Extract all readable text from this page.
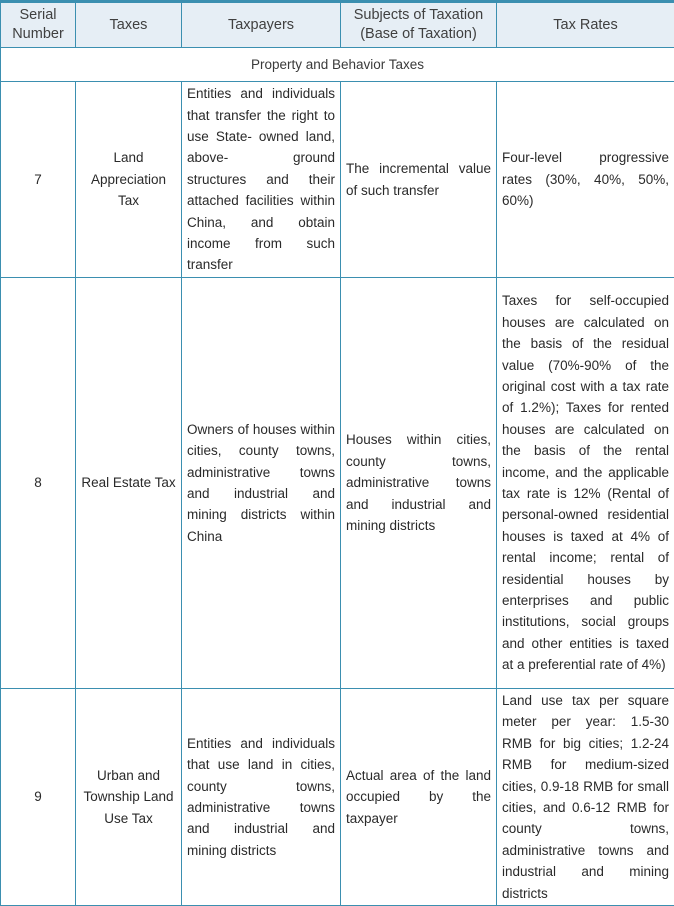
Serial Number	Taxes	Taxpayers	Subjects of Taxation (Base of Taxation)	Tax Rates
Property and Behavior Taxes				
7	Land Appreciation Tax	Entities and individuals that transfer the right to use State- owned land, above- ground structures and their attached facilities within China, and obtain income from such transfer	The incremental value of such transfer	Four-level progressive rates (30%, 40%, 50%, 60%)
8	Real Estate Tax	Owners of houses within cities, county towns, administrative towns and industrial and mining districts within China	Houses within cities, county towns, administrative towns and industrial and mining districts	Taxes for self-occupied houses are calculated on the basis of the residual value (70%-90% of the original cost with a tax rate of 1.2%); Taxes for rented houses are calculated on the basis of the rental income, and the applicable tax rate is 12% (Rental of personal-owned residential houses is taxed at 4% of rental income; rental of residential houses by enterprises and public institutions, social groups and other entities is taxed at a preferential rate of 4%)
9	Urban and Township Land Use Tax	Entities and individuals that use land in cities, county towns, administrative towns and industrial and mining districts	Actual area of the land occupied by the taxpayer	Land use tax per square meter per year: 1.5-30 RMB for big cities; 1.2-24 RMB for medium-sized cities, 0.9-18 RMB for small cities, and 0.6-12 RMB for county towns, administrative towns and industrial and mining districts
